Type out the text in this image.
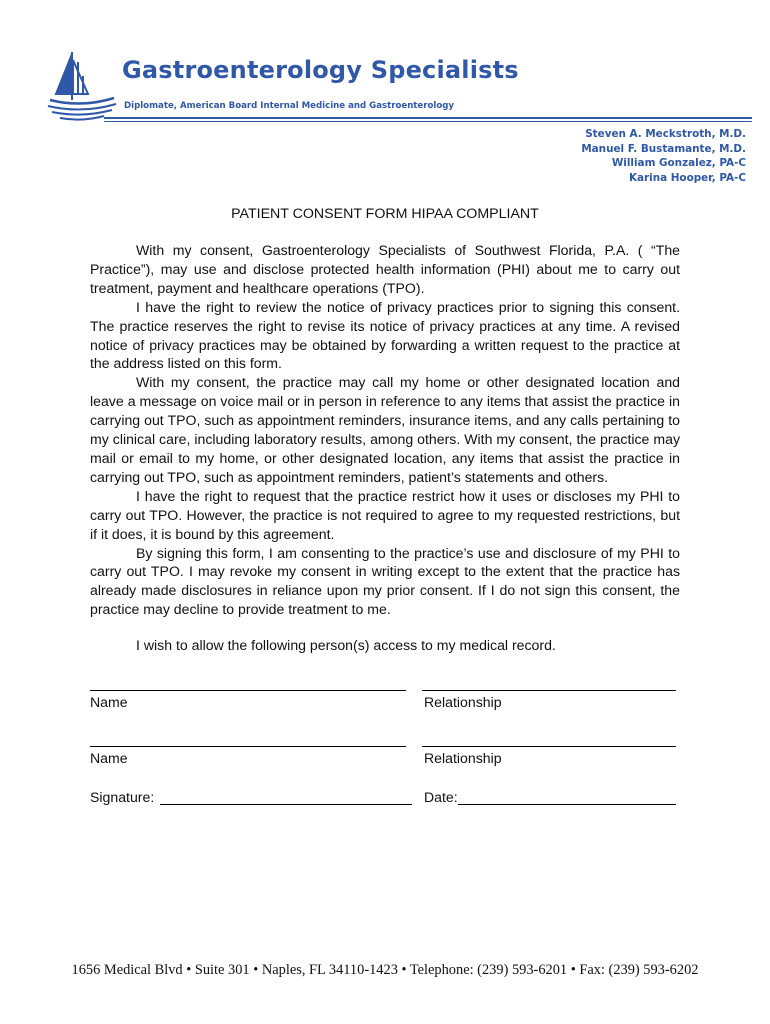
Gastroenterology Specialists
Diplomate, American Board Internal Medicine and Gastroenterology
Steven A. Meckstroth, M.D.
Manuel F. Bustamante, M.D.
William Gonzalez, PA-C
Karina Hooper, PA-C
PATIENT CONSENT FORM HIPAA COMPLIANT

With my consent, Gastroenterology Specialists of Southwest Florida, P.A. ( “The Practice”), may use and disclose protected health information (PHI) about me to carry out treatment, payment and healthcare operations (TPO).

I have the right to review the notice of privacy practices prior to signing this consent. The practice reserves the right to revise its notice of privacy practices at any time. A revised notice of privacy practices may be obtained by forwarding a written request to the practice at the address listed on this form.

With my consent, the practice may call my home or other designated location and leave a message on voice mail or in person in reference to any items that assist the practice in carrying out TPO, such as appointment reminders, insurance items, and any calls pertaining to my clinical care, including laboratory results, among others. With my consent, the practice may mail or email to my home, or other designated location, any items that assist the practice in carrying out TPO, such as appointment reminders, patient’s statements and others.

I have the right to request that the practice restrict how it uses or discloses my PHI to carry out TPO. However, the practice is not required to agree to my requested restrictions, but if it does, it is bound by this agreement.

By signing this form, I am consenting to the practice’s use and disclosure of my PHI to carry out TPO. I may revoke my consent in writing except to the extent that the practice has already made disclosures in reliance upon my prior consent. If I do not sign this consent, the practice may decline to provide treatment to me.

I wish to allow the following person(s) access to my medical record.
Name	Relationship
Name	Relationship
Signature:	Date:
1656 Medical Blvd • Suite 301 • Naples, FL 34110-1423 • Telephone: (239) 593-6201 • Fax: (239) 593-6202
